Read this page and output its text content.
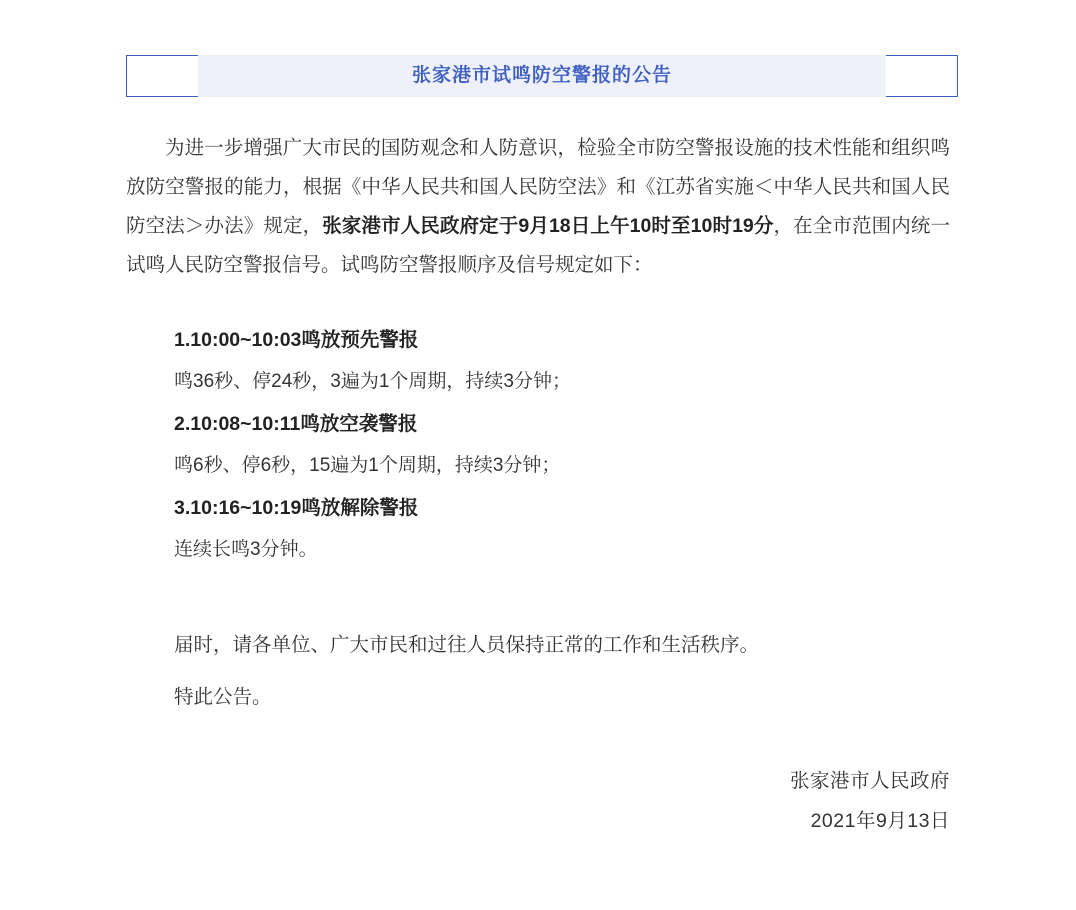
张家港市试鸣防空警报的公告

为进一步增强广大市民的国防观念和人防意识，检验全市防空警报设施的技术性能和组织鸣放防空警报的能力，根据《中华人民共和国人民防空法》和《江苏省实施＜中华人民共和国人民防空法＞办法》规定，张家港市人民政府定于9月18日上午10时至10时19分，在全市范围内统一试鸣人民防空警报信号。试鸣防空警报顺序及信号规定如下：

1.10:00~10:03鸣放预先警报

鸣36秒、停24秒，3遍为1个周期，持续3分钟；

2.10:08~10:11鸣放空袭警报

鸣6秒、停6秒，15遍为1个周期，持续3分钟；

3.10:16~10:19鸣放解除警报

连续长鸣3分钟。

届时，请各单位、广大市民和过往人员保持正常的工作和生活秩序。

特此公告。

张家港市人民政府
2021年9月13日
